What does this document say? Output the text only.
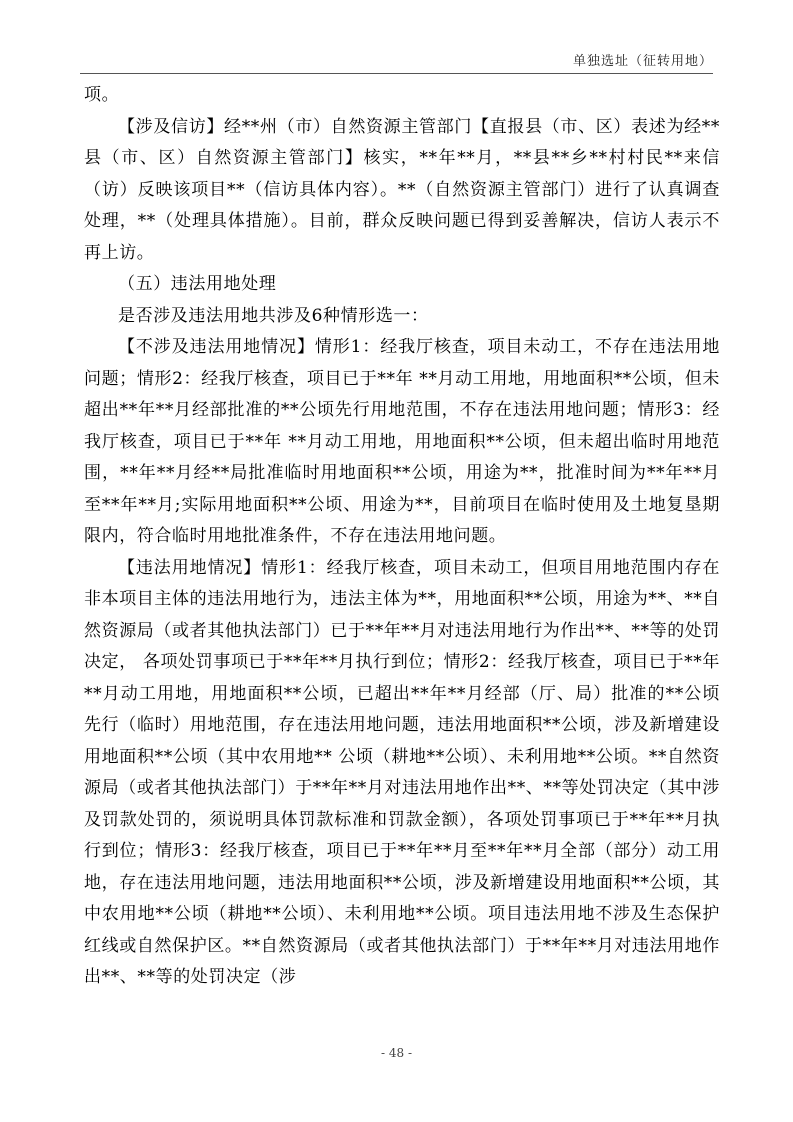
单独选址（征转用地）

项。

【涉及信访】经**州（市）自然资源主管部门【直报县（市、区）表述为经**县（市、区）自然资源主管部门】核实，**年**月，**县**乡**村村民**来信（访）反映该项目**（信访具体内容）。**（自然资源主管部门）进行了认真调查处理，**（处理具体措施）。目前，群众反映问题已得到妥善解决，信访人表示不再上访。

（五）违法用地处理

是否涉及违法用地共涉及6种情形选一：

【不涉及违法用地情况】情形1：经我厅核查，项目未动工，不存在违法用地问题；情形2：经我厅核查，项目已于**年 **月动工用地，用地面积**公顷，但未超出**年**月经部批准的**公顷先行用地范围，不存在违法用地问题；情形3：经我厅核查，项目已于**年 **月动工用地，用地面积**公顷，但未超出临时用地范围，**年**月经**局批准临时用地面积**公顷，用途为**，批准时间为**年**月至**年**月;实际用地面积**公顷、用途为**，目前项目在临时使用及土地复垦期限内，符合临时用地批准条件，不存在违法用地问题。

【违法用地情况】情形1：经我厅核查，项目未动工，但项目用地范围内存在非本项目主体的违法用地行为，违法主体为**，用地面积**公顷，用途为**、**自然资源局（或者其他执法部门）已于**年**月对违法用地行为作出**、**等的处罚决定， 各项处罚事项已于**年**月执行到位；情形2：经我厅核查，项目已于**年 **月动工用地，用地面积**公顷，已超出**年**月经部（厅、局）批准的**公顷先行（临时）用地范围，存在违法用地问题，违法用地面积**公顷，涉及新增建设用地面积**公顷（其中农用地** 公顷（耕地**公顷）、未利用地**公顷。**自然资源局（或者其他执法部门）于**年**月对违法用地作出**、**等处罚决定（其中涉及罚款处罚的，须说明具体罚款标准和罚款金额），各项处罚事项已于**年**月执行到位；情形3：经我厅核查，项目已于**年**月至**年**月全部（部分）动工用地，存在违法用地问题，违法用地面积**公顷，涉及新增建设用地面积**公顷，其中农用地**公顷（耕地**公顷）、未利用地**公顷。项目违法用地不涉及生态保护红线或自然保护区。**自然资源局（或者其他执法部门）于**年**月对违法用地作出**、**等的处罚决定（涉

- 48 -
